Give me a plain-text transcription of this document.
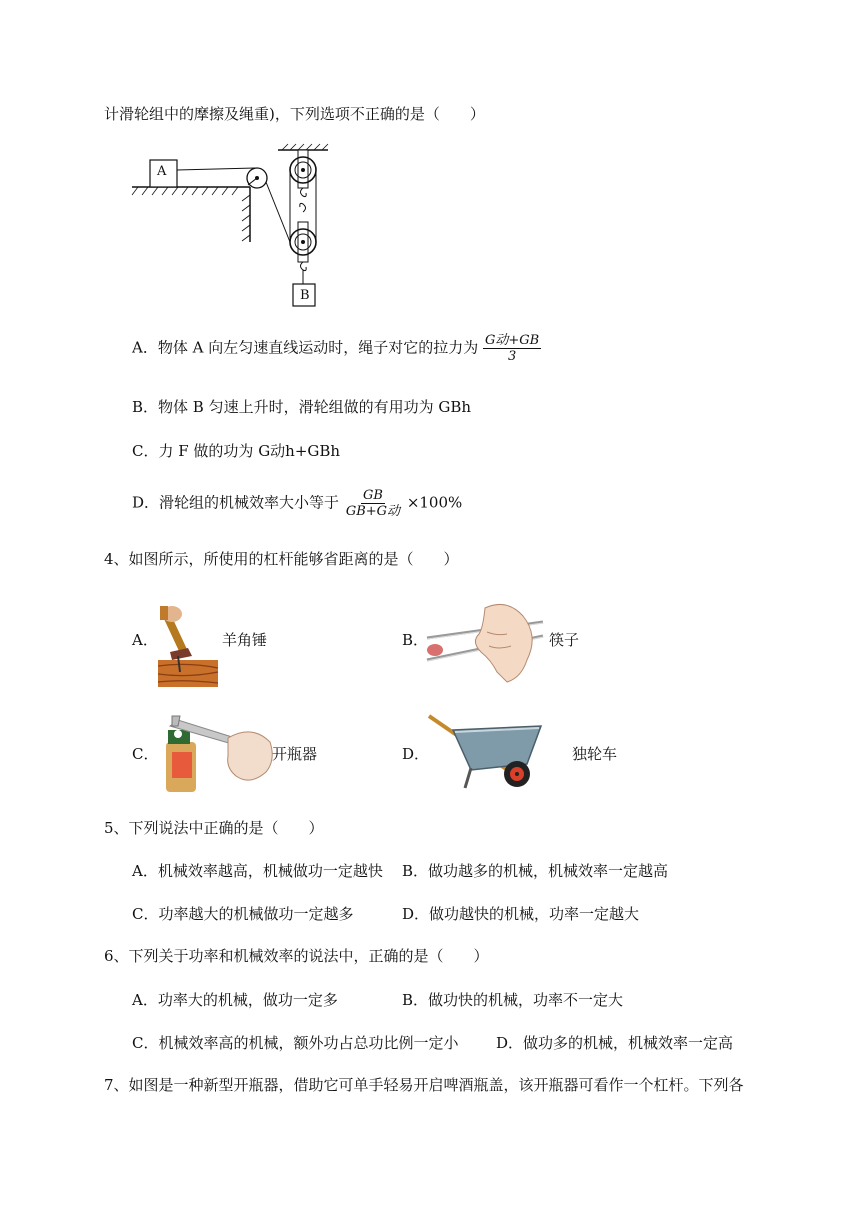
计滑轮组中的摩擦及绳重)，下列选项不正确的是（　　）
A
B
A．物体 A 向左匀速直线运动时，绳子对它的拉力为 $\frac{\text{G动+GB}}{3}$
B．物体 B 匀速上升时，滑轮组做的有用功为 GBh
C．力 F 做的功为 G动h+GBh
D．滑轮组的机械效率大小等于 $\frac{GB}{\text{GB+G动}} \times 100\%$
4、如图所示，所使用的杠杆能够省距离的是（　　）
A．	羊角锤	B．	筷子
C．	开瓶器	D．	独轮车
5、下列说法中正确的是（　　）
A．机械效率越高，机械做功一定越快 B．做功越多的机械，机械效率一定越高
C．功率越大的机械做功一定越多	D．做功越快的机械，功率一定越大
6、下列关于功率和机械效率的说法中，正确的是（　　）
A．功率大的机械，做功一定多	B．做功快的机械，功率不一定大
C．机械效率高的机械，额外功占总功比例一定小	D．做功多的机械，机械效率一定高
7、如图是一种新型开瓶器，借助它可单手轻易开启啤酒瓶盖，该开瓶器可看作一个杠杆。下列各
